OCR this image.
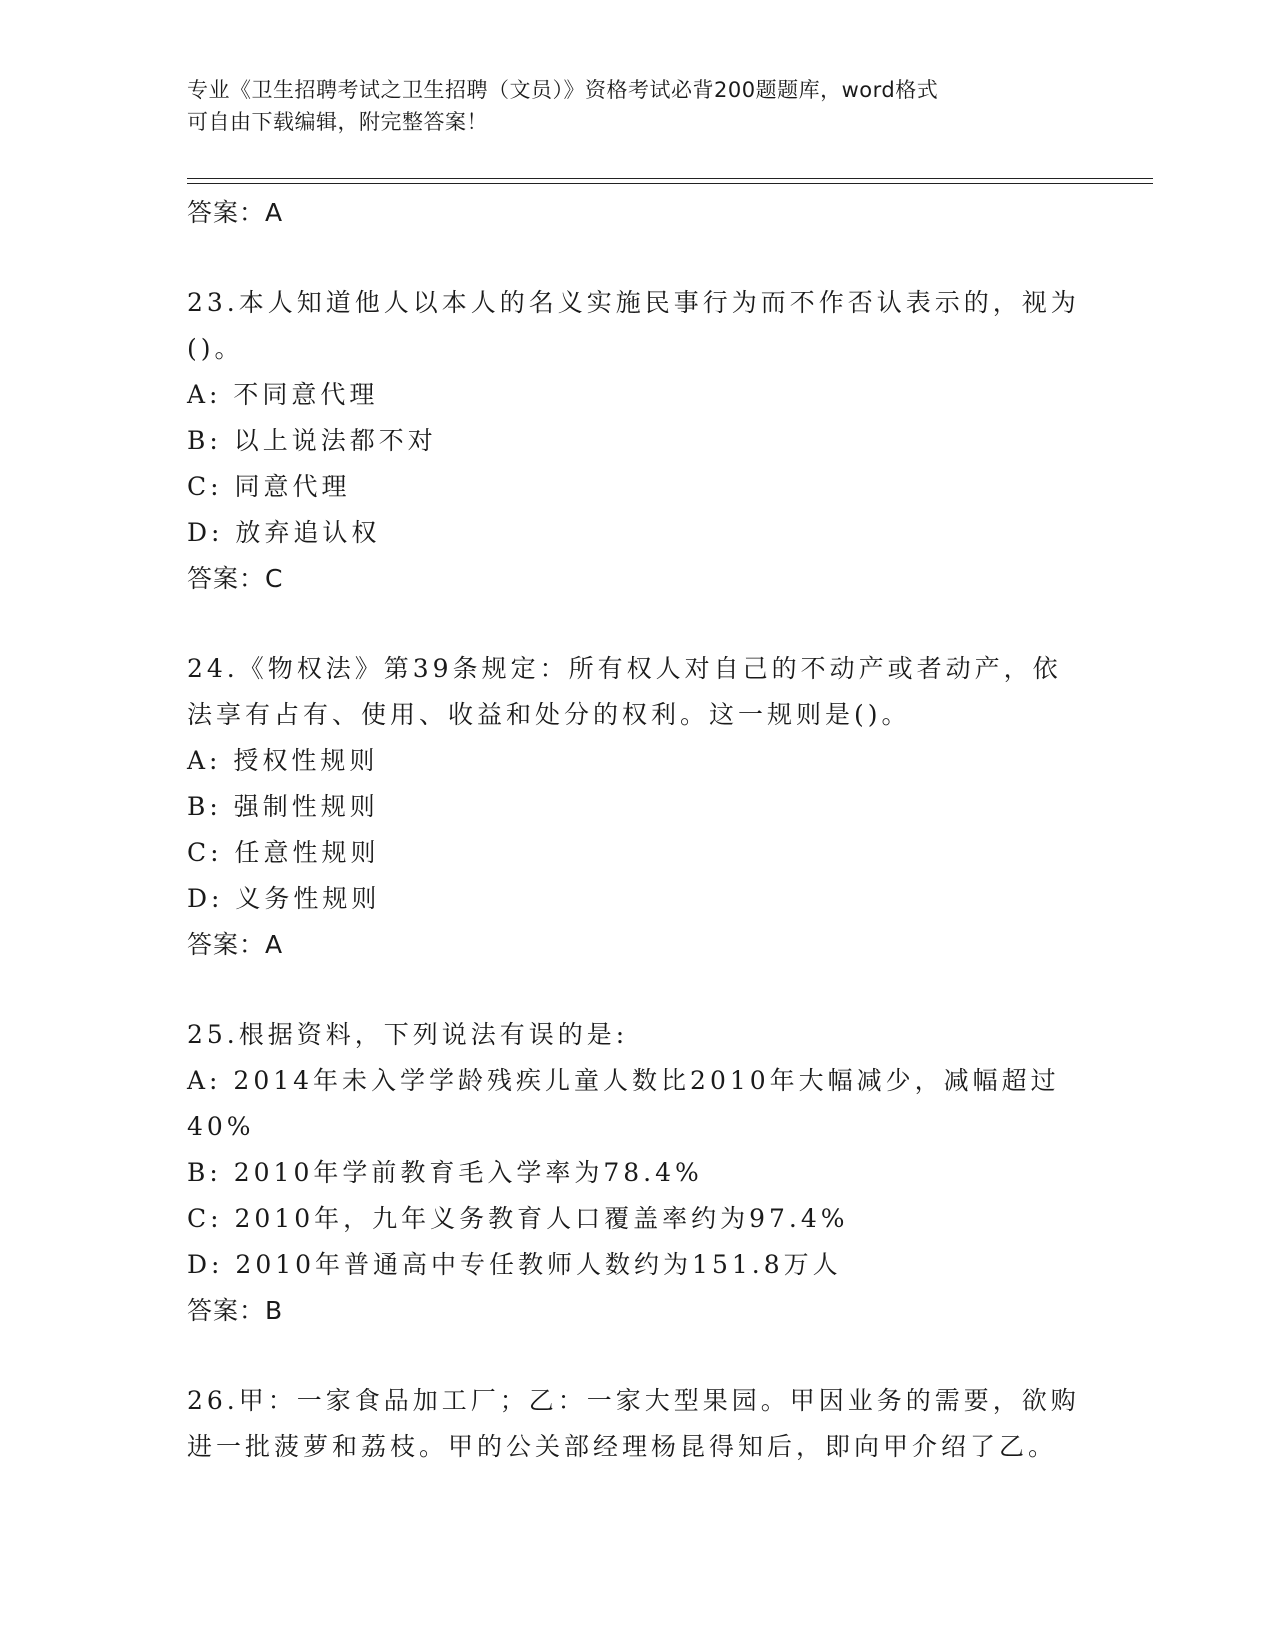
专业《卫生招聘考试之卫生招聘（文员）》资格考试必背200题题库，word格式
可自由下载编辑，附完整答案！
答案：A

23.本人知道他人以本人的名义实施民事行为而不作否认表示的，视为()。

A: 不同意代理
B: 以上说法都不对
C: 同意代理
D: 放弃追认权
答案：C

24.《物权法》第39条规定：所有权人对自己的不动产或者动产，依法享有占有、使用、收益和处分的权利。这一规则是()。

A: 授权性规则
B: 强制性规则
C: 任意性规则
D: 义务性规则
答案：A

25.根据资料，下列说法有误的是:

A: 2014年未入学学龄残疾儿童人数比2010年大幅减少，减幅超过40%
B: 2010年学前教育毛入学率为78.4%
C: 2010年，九年义务教育人口覆盖率约为97.4%
D: 2010年普通高中专任教师人数约为151.8万人
答案：B

26.甲：一家食品加工厂；乙：一家大型果园。甲因业务的需要，欲购进一批菠萝和荔枝。甲的公关部经理杨昆得知后，即向甲介绍了乙。
